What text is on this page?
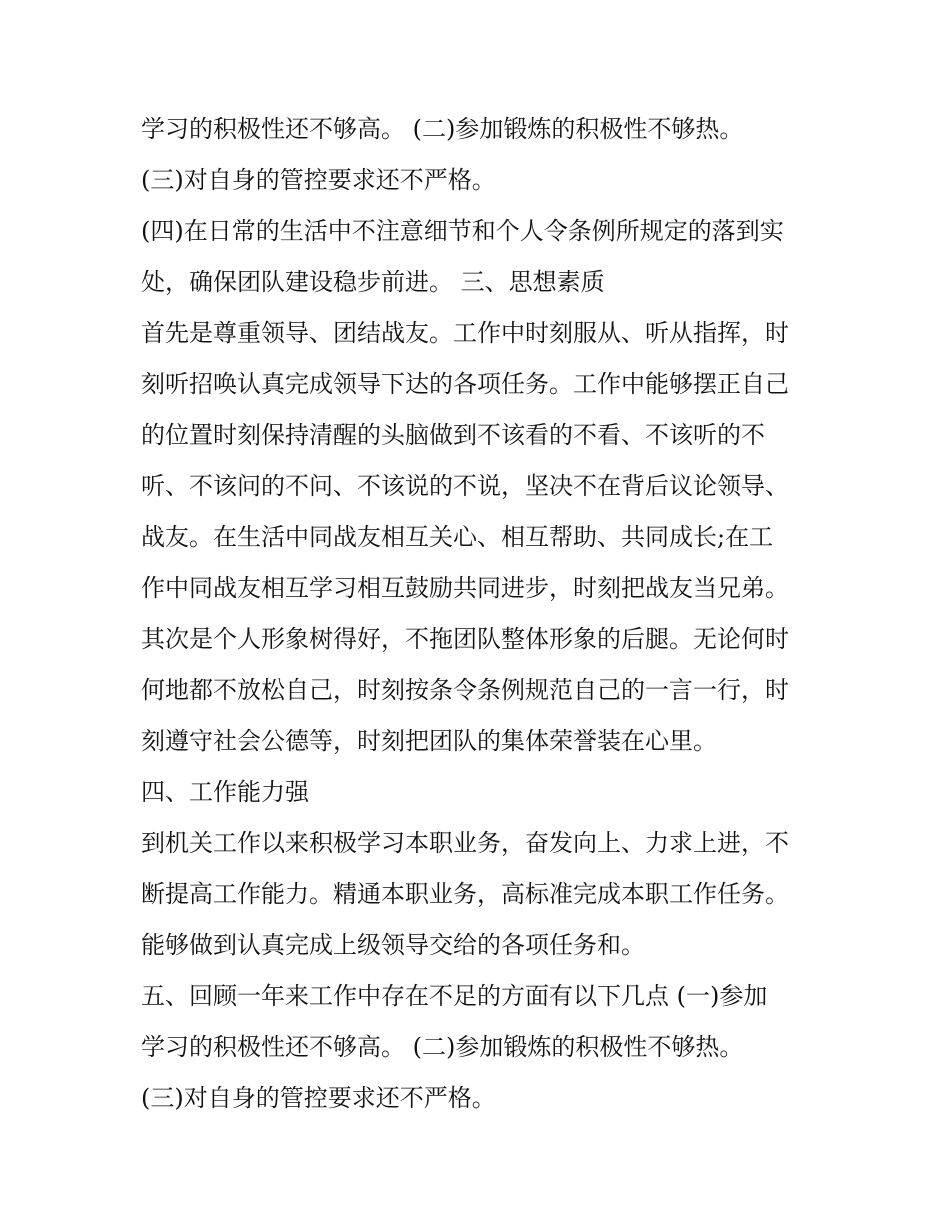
学习的积极性还不够高。 (二)参加锻炼的积极性不够热。
(三)对自身的管控要求还不严格。
(四)在日常的生活中不注意细节和个人令条例所规定的落到实
处，确保团队建设稳步前进。 三、思想素质
首先是尊重领导、团结战友。工作中时刻服从、听从指挥，时
刻听招唤认真完成领导下达的各项任务。工作中能够摆正自己
的位置时刻保持清醒的头脑做到不该看的不看、不该听的不
听、不该问的不问、不该说的不说，坚决不在背后议论领导、
战友。在生活中同战友相互关心、相互帮助、共同成长;在工
作中同战友相互学习相互鼓励共同进步，时刻把战友当兄弟。
其次是个人形象树得好，不拖团队整体形象的后腿。无论何时
何地都不放松自己，时刻按条令条例规范自己的一言一行，时
刻遵守社会公德等，时刻把团队的集体荣誉装在心里。
四、工作能力强
到机关工作以来积极学习本职业务，奋发向上、力求上进，不
断提高工作能力。精通本职业务，高标准完成本职工作任务。
能够做到认真完成上级领导交给的各项任务和。
五、回顾一年来工作中存在不足的方面有以下几点 (一)参加
学习的积极性还不够高。 (二)参加锻炼的积极性不够热。
(三)对自身的管控要求还不严格。
